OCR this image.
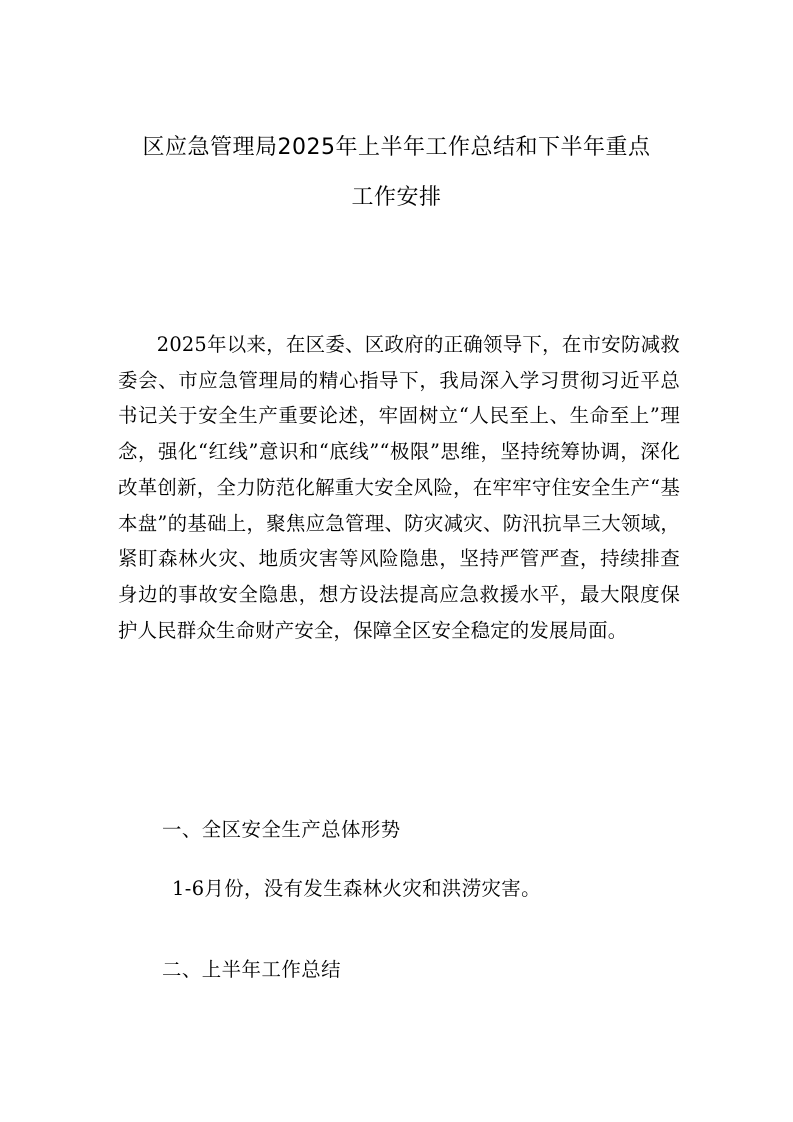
区应急管理局2025年上半年工作总结和下半年重点
工作安排

2025年以来，在区委、区政府的正确领导下，在市安防减救委会、市应急管理局的精心指导下，我局深入学习贯彻习近平总书记关于安全生产重要论述，牢固树立“人民至上、生命至上”理念，强化“红线”意识和“底线”“极限”思维，坚持统筹协调，深化改革创新，全力防范化解重大安全风险，在牢牢守住安全生产“基本盘”的基础上，聚焦应急管理、防灾减灾、防汛抗旱三大领域，紧盯森林火灾、地质灾害等风险隐患，坚持严管严查，持续排查身边的事故安全隐患，想方设法提高应急救援水平，最大限度保护人民群众生命财产安全，保障全区安全稳定的发展局面。

一、全区安全生产总体形势

1-6月份，没有发生森林火灾和洪涝灾害。

二、上半年工作总结
